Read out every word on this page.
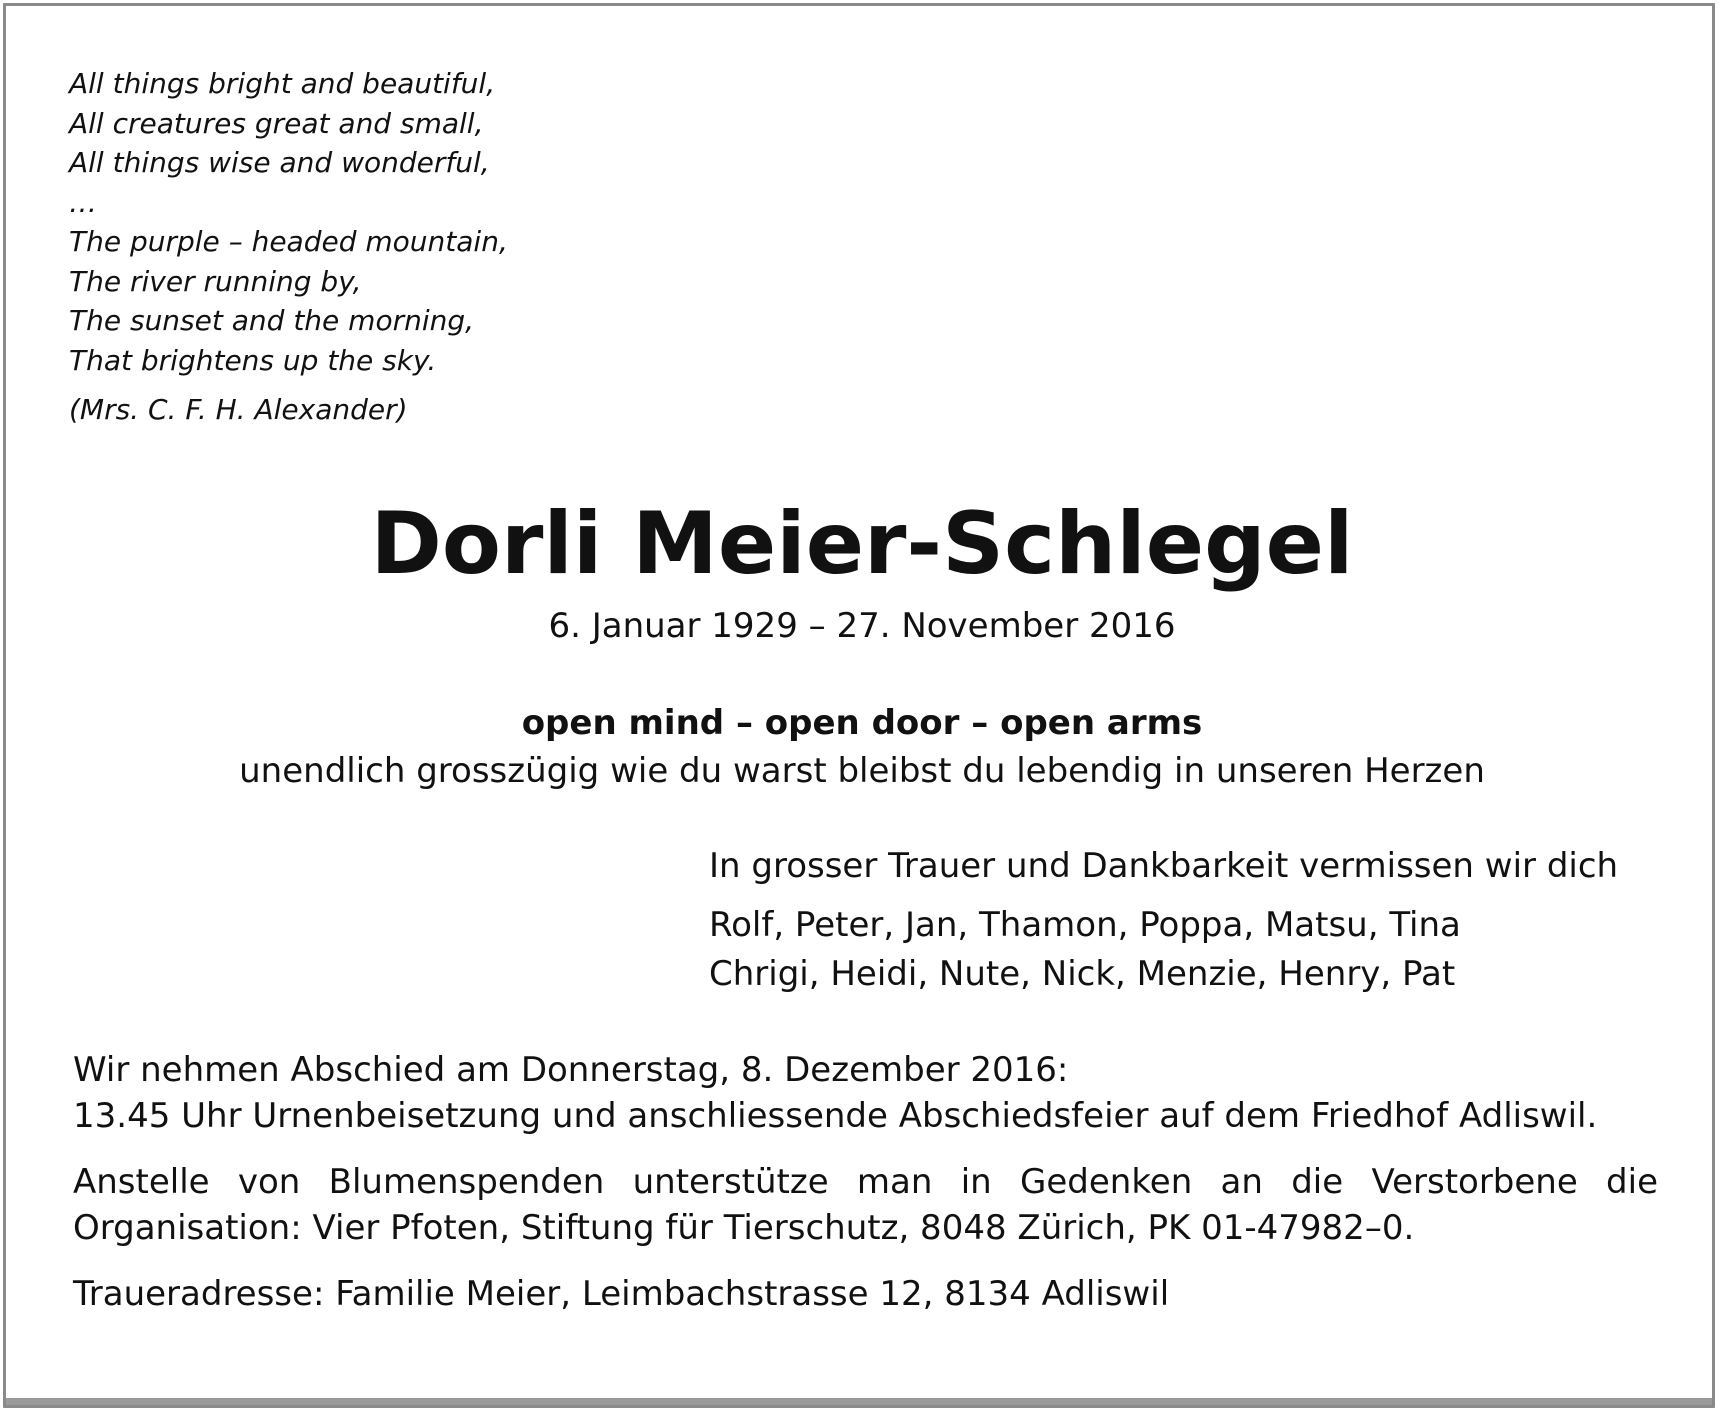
All things bright and beautiful,
All creatures great and small,
All things wise and wonderful,
…
The purple – headed mountain,
The river running by,
The sunset and the morning,
That brightens up the sky.
(Mrs. C. F. H. Alexander)
Dorli Meier-Schlegel
6. Januar 1929 – 27. November 2016
open mind – open door – open arms
unendlich grosszügig wie du warst bleibst du lebendig in unseren Herzen
In grosser Trauer und Dankbarkeit vermissen wir dich
Rolf, Peter, Jan, Thamon, Poppa, Matsu, Tina
Chrigi, Heidi, Nute, Nick, Menzie, Henry, Pat

Wir nehmen Abschied am Donnerstag, 8. Dezember 2016:
13.45 Uhr Urnenbeisetzung und anschliessende Abschiedsfeier auf dem Friedhof Adliswil.

Anstelle von Blumenspenden unterstütze man in Gedenken an die Verstorbene die
Organisation: Vier Pfoten, Stiftung für Tierschutz, 8048 Zürich, PK 01-47982–0.

Traueradresse: Familie Meier, Leimbachstrasse 12, 8134 Adliswil
